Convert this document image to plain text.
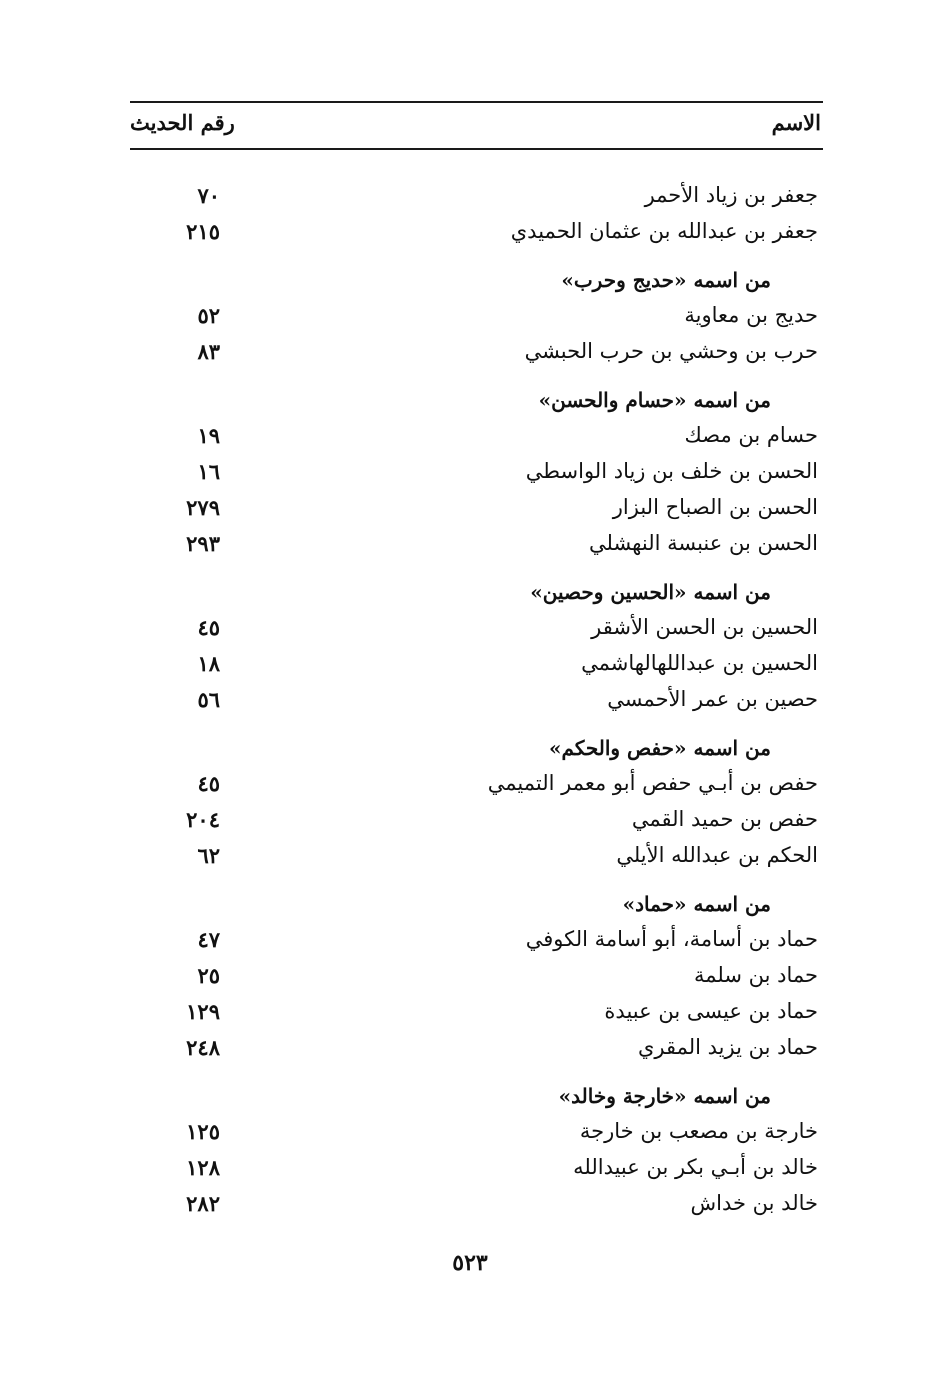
الاسم
رقم الحديث
جعفر بن زياد الأحمر
٧٠
جعفر بن عبدالله بن عثمان الحميدي
٢١٥
من اسمه «حديج وحرب»
حديج بن معاوية
٥٢
حرب بن وحشي بن حرب الحبشي
٨٣
من اسمه «حسام والحسن»
حسام بن مصك
١٩
الحسن بن خلف بن زياد الواسطي
١٦
الحسن بن الصباح البزار
٢٧٩
الحسن بن عنبسة النهشلي
٢٩٣
من اسمه «الحسين وحصين»
الحسين بن الحسن الأشقر
٤٥
الحسين بن عبداللهالهاشمي
١٨
حصين بن عمر الأحمسي
٥٦
من اسمه «حفص والحكم»
حفص بن أبـي حفص أبو معمر التميمي
٤٥
حفص بن حميد القمي
٢٠٤
الحكم بن عبدالله الأيلي
٦٢
من اسمه «حماد»
حماد بن أسامة، أبو أسامة الكوفي
٤٧
حماد بن سلمة
٢٥
حماد بن عيسى بن عبيدة
١٢٩
حماد بن يزيد المقري
٢٤٨
من اسمه «خارجة وخالد»
خارجة بن مصعب بن خارجة
١٢٥
خالد بن أبـي بكر بن عبيدالله
١٢٨
خالد بن خداش
٢٨٢
٥٢٣
